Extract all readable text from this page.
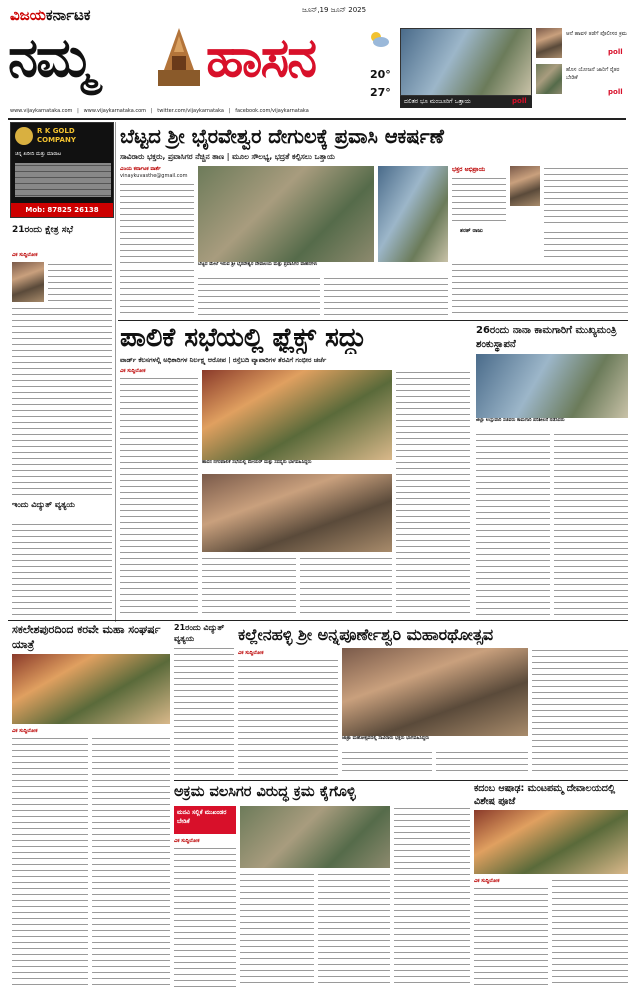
ವಿಜಯಕರ್ನಾಟಕ
ನಮ್ಮ ಹಾಸನ
ಜೂನ್,19 ಜೂನ್ 2025
20°
27°
ದಲಿತರ ಭೂ ಮಂಜೂರಿಗೆ ಒತ್ತಾಯ	poll
ಆನೆ ಹಾವಳಿ ತಡೆಗೆ ಪೊಲೀಸರ ಕ್ರಮ
poll
ಹೊಸ ಯೋಜನೆ ಜಾರಿಗೆ ರೈತರ ಬೇಡಿಕೆ
poll
www.vijaykarnataka.com   |   www.vijaykarnataka.com   |   twitter.com/vijaykarnataka   |   facebook.com/vijaykarnataka
R K GOLD COMPANY
ಚಿನ್ನ ಖರೀದಿ ಮತ್ತು ಮಾರಾಟ
Mob: 87825 26138
21ರಂದು ಕ್ಷೇತ್ರ ಸಭೆ
ವಿಕ ಸುದ್ದಿಲೋಕ
ಇಂದು ವಿದ್ಯುತ್ ವ್ಯತ್ಯಯ
ಬೆಟ್ಟದ ಶ್ರೀ ಭೈರವೇಶ್ವರ ದೇಗುಲಕ್ಕೆ ಪ್ರವಾಸಿ ಆಕರ್ಷಣೆ
ಸಾವಿರಾರು ಭಕ್ತರು, ಪ್ರವಾಸಿಗರ ನೆಚ್ಚಿನ ತಾಣ | ಮೂಲ ಸೌಲಭ್ಯ, ಭದ್ರತೆ ಕಲ್ಪಿಸಲು ಒತ್ತಾಯ
ವಿಜಯ ಕರ್ನಾಟಕ ವಾರ್ತೆ
vinaykuvasthe@gmail.com
ಬೆಟ್ಟದ ಮೇಲೆ ಇರುವ ಶ್ರೀ ಭೈರವೇಶ್ವರ ದೇವಾಲಯ ಮತ್ತು ಪ್ರವಾಸಿಗರ ವಾಹನಗಳು
ಭಕ್ತರ ಅಭಿಪ್ರಾಯ
ಶರತ್‌ ರಾಜು
ಪಾಲಿಕೆ ಸಭೆಯಲ್ಲಿ ಫ್ಲೆಕ್ಸ್ ಸದ್ದು
ವಾರ್ಡ್ ಕೆಲಸಗಳಲ್ಲಿ ಅಧಿಕಾರಿಗಳ ನಿರ್ಲಕ್ಷ್ಯ ಆರೋಪ | ರಸ್ತೆಬದಿ ವ್ಯಾಪಾರಿಗಳ ತೆರವಿಗೆ ಗಂಭೀರ ಚರ್ಚೆ
ವಿಕ ಸುದ್ದಿಲೋಕ
ಹಾಸನ ನಗರಪಾಲಿಕೆ ಸಭೆಯಲ್ಲಿ ಮೇಯರ್ ಮತ್ತು ಸದಸ್ಯರು ಭಾಗವಹಿಸಿದ್ದರು
26ರಂದು ನಾನಾ ಕಾಮಗಾರಿಗೆ ಮುಖ್ಯಮಂತ್ರಿ ಶಂಕುಸ್ಥಾಪನೆ
ಜಿಲ್ಲಾ ಉಸ್ತುವಾರಿ ಸಚಿವರು ಕಾಮಗಾರಿ ಪರಿಶೀಲನೆ ನಡೆಸಿದರು
ಸಕಲೇಶಪುರದಿಂದ ಕರವೇ ಮಹಾ ಸಂಘರ್ಷ ಯಾತ್ರೆ
ವಿಕ ಸುದ್ದಿಲೋಕ
21ರಂದು ವಿದ್ಯುತ್ ವ್ಯತ್ಯಯ	ಕಲ್ಲೇನಹಳ್ಳಿ ಶ್ರೀ ಅನ್ನಪೂರ್ಣೇಶ್ವರಿ ಮಹಾರಥೋತ್ಸವ
ವಿಕ ಸುದ್ದಿಲೋಕ
ಜಾತ್ರಾ ಮಹೋತ್ಸವದಲ್ಲಿ ಸಾವಿರಾರು ಭಕ್ತರು ಭಾಗವಹಿಸಿದ್ದರು
ಅಕ್ರಮ ವಲಸಿಗರ ವಿರುದ್ಧ ಕ್ರಮ ಕೈಗೊಳ್ಳಿ
ಮನವಿ ಸಲ್ಲಿಕೆ ಮುಖಂಡರ ಬೇಡಿಕೆ
ವಿಕ ಸುದ್ದಿಲೋಕ
ಕದಂಬ ಆಷಾಢ: ಮಂಟಪಮ್ಮ ದೇವಾಲಯದಲ್ಲಿ ವಿಶೇಷ ಪೂಜೆ
ವಿಕ ಸುದ್ದಿಲೋಕ
